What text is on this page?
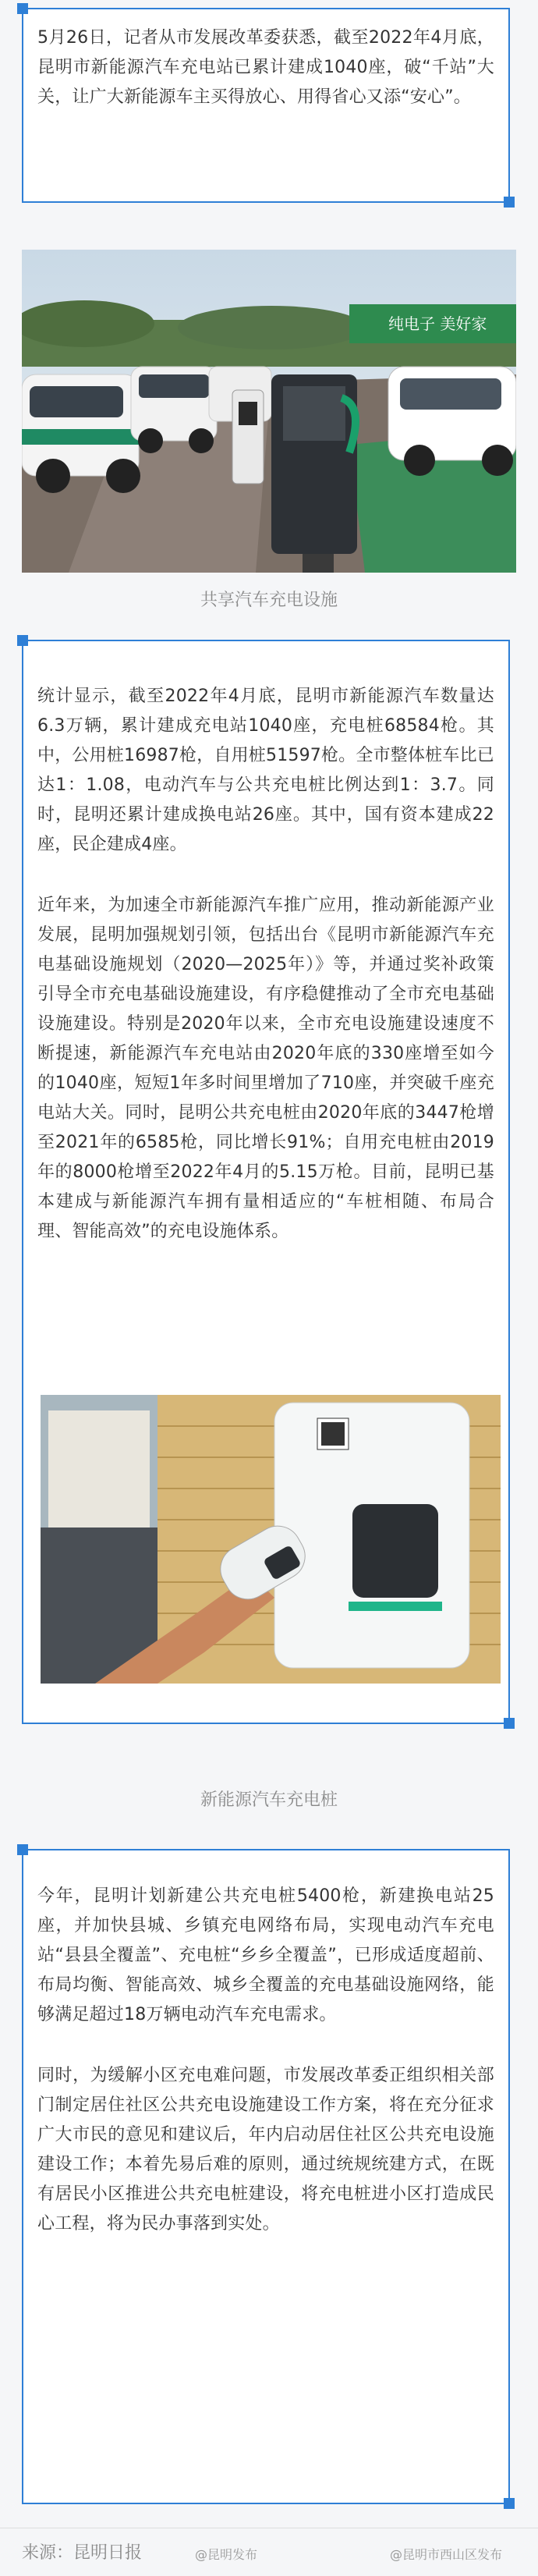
5月26日，记者从市发展改革委获悉，截至2022年4月底，昆明市新能源汽车充电站已累计建成1040座，破“千站”大关，让广大新能源车主买得放心、用得省心又添“安心”。

纯电子 美好家
共享汽车充电设施

统计显示，截至2022年4月底，昆明市新能源汽车数量达6.3万辆，累计建成充电站1040座，充电桩68584枪。其中，公用桩16987枪，自用桩51597枪。全市整体桩车比已达1：1.08，电动汽车与公共充电桩比例达到1：3.7。同时，昆明还累计建成换电站26座。其中，国有资本建成22座，民企建成4座。

近年来，为加速全市新能源汽车推广应用，推动新能源产业发展，昆明加强规划引领，包括出台《昆明市新能源汽车充电基础设施规划（2020—2025年）》等，并通过奖补政策引导全市充电基础设施建设，有序稳健推动了全市充电基础设施建设。特别是2020年以来，全市充电设施建设速度不断提速，新能源汽车充电站由2020年底的330座增至如今的1040座，短短1年多时间里增加了710座，并突破千座充电站大关。同时，昆明公共充电桩由2020年底的3447枪增至2021年的6585枪，同比增长91%；自用充电桩由2019年的8000枪增至2022年4月的5.15万枪。目前，昆明已基本建成与新能源汽车拥有量相适应的“车桩相随、布局合理、智能高效”的充电设施体系。

新能源汽车充电桩

今年，昆明计划新建公共充电桩5400枪，新建换电站25座，并加快县城、乡镇充电网络布局，实现电动汽车充电站“县县全覆盖”、充电桩“乡乡全覆盖”，已形成适度超前、布局均衡、智能高效、城乡全覆盖的充电基础设施网络，能够满足超过18万辆电动汽车充电需求。

同时，为缓解小区充电难问题，市发展改革委正组织相关部门制定居住社区公共充电设施建设工作方案，将在充分征求广大市民的意见和建议后，年内启动居住社区公共充电设施建设工作；本着先易后难的原则，通过统规统建方式，在既有居民小区推进公共充电桩建设，将充电桩进小区打造成民心工程，将为民办事落到实处。

来源：昆明日报	@昆明发布	@昆明市西山区发布
